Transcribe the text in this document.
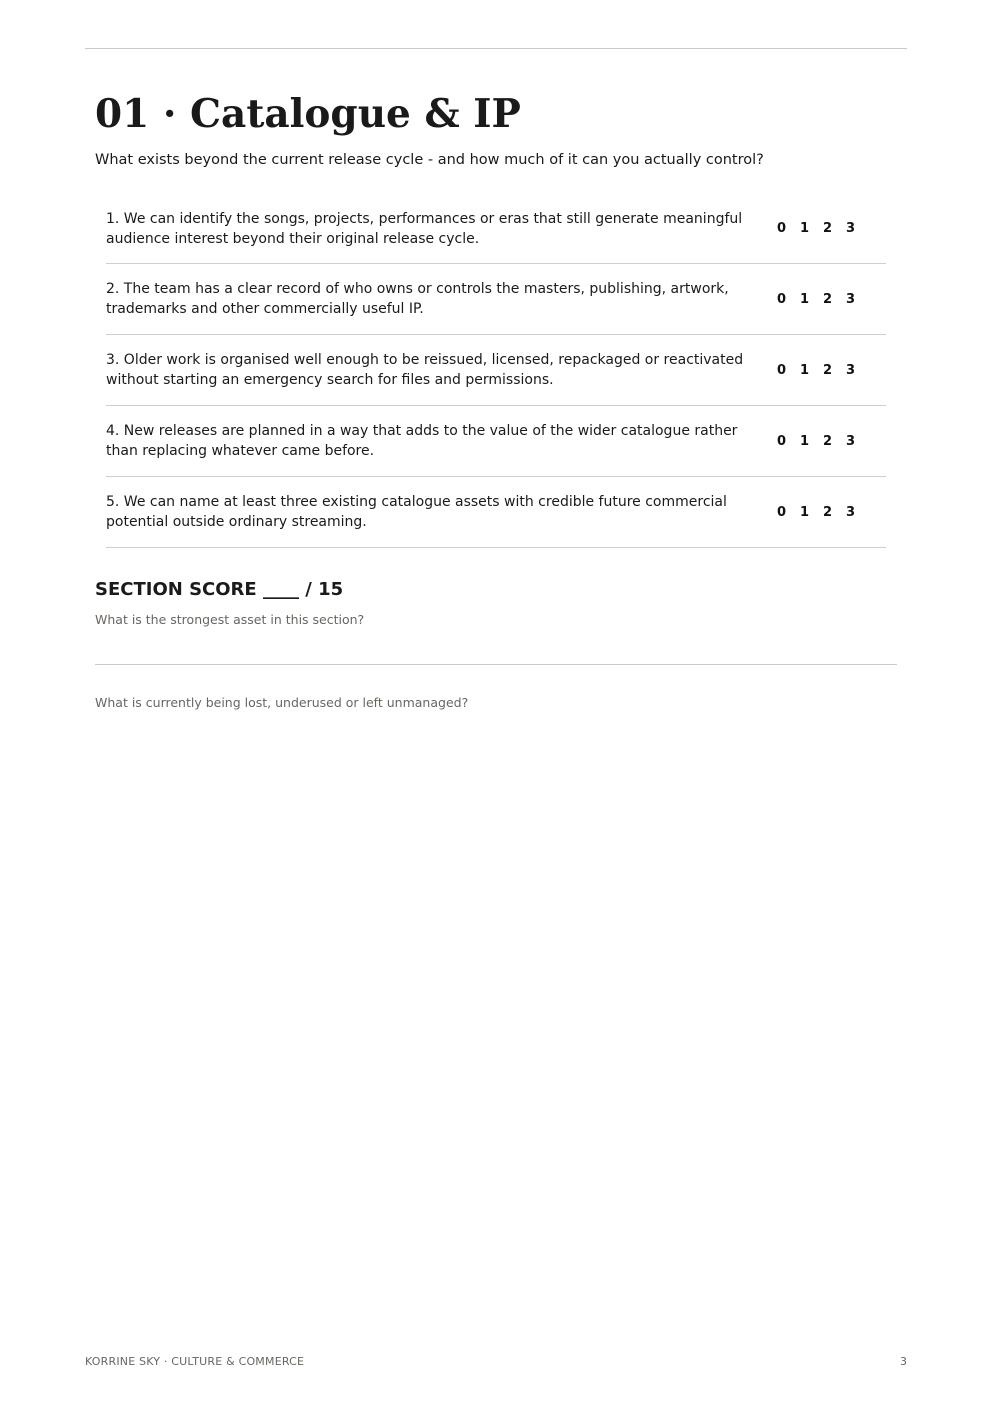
01 · Catalogue & IP

What exists beyond the current release cycle - and how much of it can you actually control?

1. We can identify the songs, projects, performances or eras that still generate meaningful audience interest beyond their original release cycle.
0	1	2	3
2. The team has a clear record of who owns or controls the masters, publishing, artwork, trademarks and other commercially useful IP.
0	1	2	3
3. Older work is organised well enough to be reissued, licensed, repackaged or reactivated without starting an emergency search for files and permissions.
0	1	2	3
4. New releases are planned in a way that adds to the value of the wider catalogue rather than replacing whatever came before.
0	1	2	3
5. We can name at least three existing catalogue assets with credible future commercial potential outside ordinary streaming.
0	1	2	3

SECTION SCORE ____ / 15

What is the strongest asset in this section?

What is currently being lost, underused or left unmanaged?

KORRINE SKY · CULTURE & COMMERCE	3
